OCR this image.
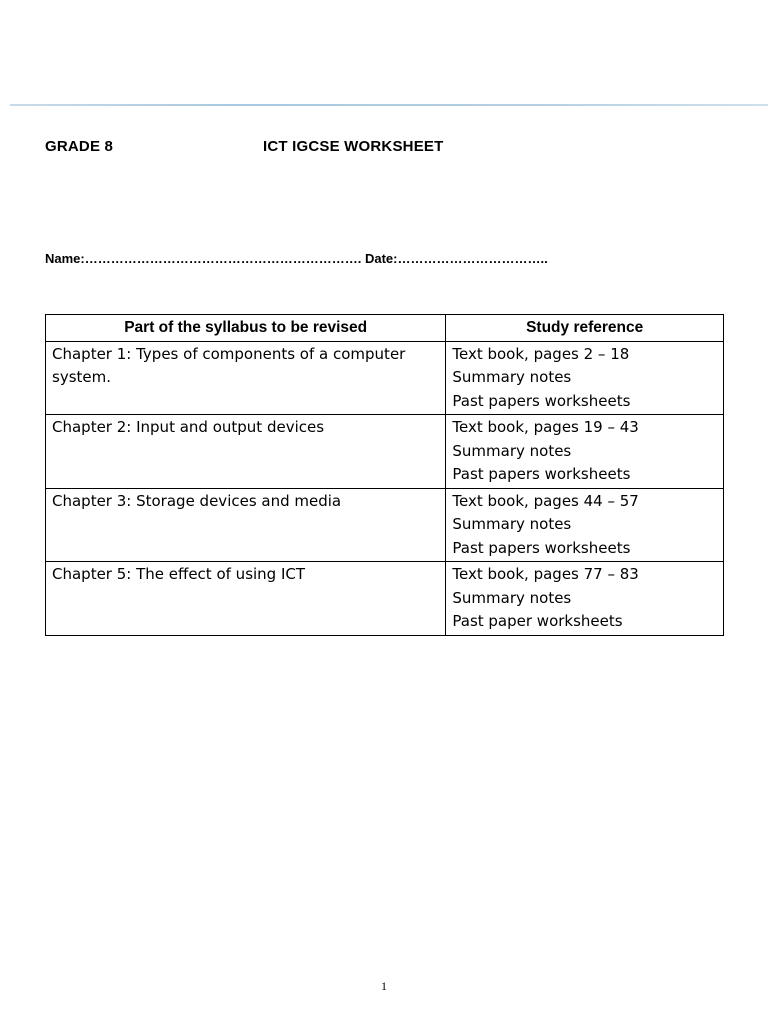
GRADE 8	ICT IGCSE WORKSHEET
Name:………………………………………………………. Date:……………………………..
Part of the syllabus to be revised	Study reference
Chapter 1: Types of components of a computer system.	Text book, pages 2 – 18
Summary notes
Past papers worksheets

Chapter 2: Input and output devices	Text book, pages 19 – 43
Summary notes
Past papers worksheets

Chapter 3: Storage devices and media	Text book, pages 44 – 57
Summary notes
Past papers worksheets

Chapter 5: The effect of using ICT	Text book, pages 77 – 83
Summary notes
Past paper worksheets
1
